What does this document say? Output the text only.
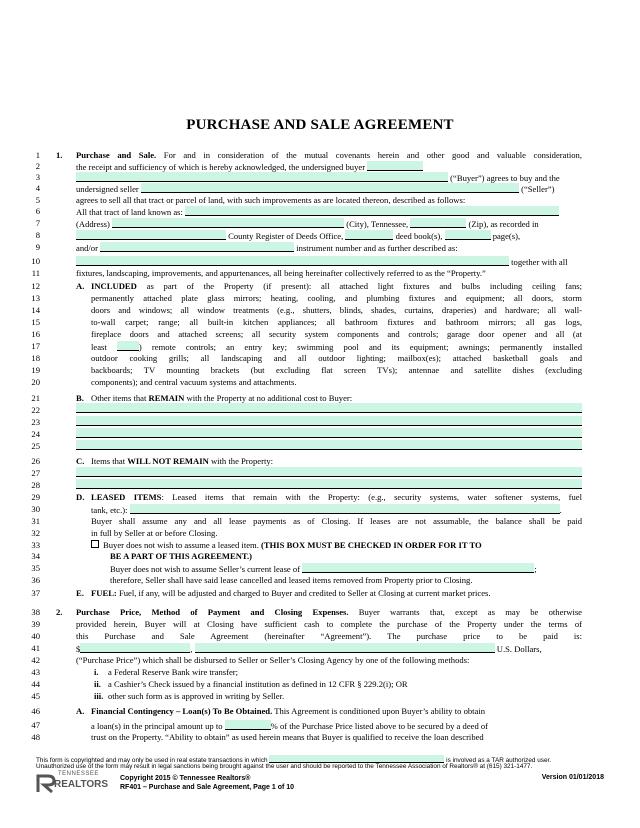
PURCHASE AND SALE AGREEMENT
1
2
3
4
5
6
7
8
9
10
11
12
13
14
15
16
17
18
19
20
21
22
23
24
25
26
27
28
29
30
31
32
33
34
35
36
37
38
39
40
41
42
43
44
45
46
47
48
1. Purchase and Sale. For and in consideration of the mutual covenants herein and other good and valuable consideration,
the receipt and sufficiency of which is hereby acknowledged, the undersigned buyer
(“Buyer”) agrees to buy and the
undersigned seller	(“Seller”)
agrees to sell all that tract or parcel of land, with such improvements as are located thereon, described as follows:
All that tract of land known as:
(Address)	(City), Tennessee,	(Zip), as recorded in
County Register of Deeds Office,	deed book(s),	page(s),
and/or	instrument number and as further described as:
together with all
fixtures, landscaping, improvements, and appurtenances, all being hereinafter collectively referred to as the “Property.”
A. INCLUDED as part of the Property (if present): all attached light fixtures and bulbs including ceiling fans;
permanently attached plate glass mirrors; heating, cooling, and plumbing fixtures and equipment; all doors, storm
doors and windows; all window treatments (e.g., shutters, blinds, shades, curtains, draperies) and hardware; all wall-
to-wall carpet; range; all built-in kitchen appliances; all bathroom fixtures and bathroom mirrors; all gas logs,
fireplace doors and attached screens; all security system components and controls; garage door opener and all (at
least	) remote controls; an entry key; swimming pool and its equipment; awnings; permanently installed
outdoor cooking grills; all landscaping and all outdoor lighting; mailbox(es); attached basketball goals and
backboards; TV mounting brackets (but excluding flat screen TVs); antennae and satellite dishes (excluding
components); and central vacuum systems and attachments.
B. Other items that REMAIN with the Property at no additional cost to Buyer:
C. Items that WILL NOT REMAIN with the Property:
D. LEASED ITEMS: Leased items that remain with the Property: (e.g., security systems, water softener systems, fuel
tank, etc.):	.
Buyer shall assume any and all lease payments as of Closing. If leases are not assumable, the balance shall be paid
in full by Seller at or before Closing.
Buyer does not wish to assume a leased item. (THIS BOX MUST BE CHECKED IN ORDER FOR IT TO
BE A PART OF THIS AGREEMENT.)
Buyer does not wish to assume Seller’s current lease of	;
therefore, Seller shall have said lease cancelled and leased items removed from Property prior to Closing.
E. FUEL: Fuel, if any, will be adjusted and charged to Buyer and credited to Seller at Closing at current market prices.
2. Purchase Price, Method of Payment and Closing Expenses. Buyer warrants that, except as may be otherwise
provided herein, Buyer will at Closing have sufficient cash to complete the purchase of the Property under the terms of
this Purchase and Sale Agreement (hereinafter “Agreement”). The purchase price to be paid is:
$	,	U.S. Dollars,
(“Purchase Price”) which shall be disbursed to Seller or Seller’s Closing Agency by one of the following methods:
i. a Federal Reserve Bank wire transfer;
ii. a Cashier’s Check issued by a financial institution as defined in 12 CFR § 229.2(i); OR
iii. other such form as is approved in writing by Seller.
A. Financial Contingency – Loan(s) To Be Obtained. This Agreement is conditioned upon Buyer’s ability to obtain
a loan(s) in the principal amount up to	% of the Purchase Price listed above to be secured by a deed of
trust on the Property. “Ability to obtain” as used herein means that Buyer is qualified to receive the loan described
This form is copyrighted and may only be used in real estate transactions in which	is involved as a TAR authorized user.
Unauthorized use of the form may result in legal sanctions being brought against the user and should be reported to the Tennessee Association of Realtors® at (615) 321-1477.
TENNESSEE
REALTORS
Copyright 2015 © Tennessee Realtors®
RF401 – Purchase and Sale Agreement, Page 1 of 10
Version 01/01/2018
